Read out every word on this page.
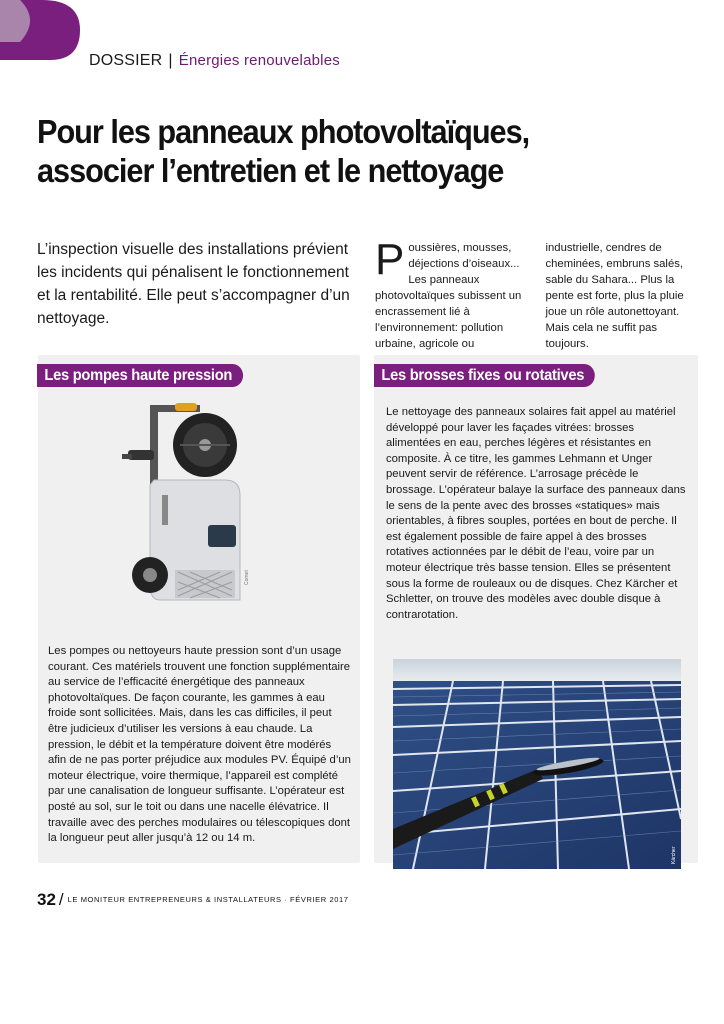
DOSSIER | Énergies renouvelables
Pour les panneaux photovoltaïques,
associer l’entretien et le nettoyage

L’inspection visuelle des installations prévient les incidents qui pénalisent le fonctionnement et la rentabilité. Elle peut s’accompagner d’un nettoyage.

Poussières, mousses, déjections d’oiseaux... Les panneaux photovoltaïques subissent un encrassement lié à l’environnement: pollution urbaine, agricole ou industrielle, cendres de cheminées, embruns salés, sable du Sahara... Plus la pente est forte, plus la pluie joue un rôle autonettoyant. Mais cela ne suffit pas toujours.
Les pompes haute pression
Comet

Les pompes ou nettoyeurs haute pression sont d’un usage courant. Ces matériels trouvent une fonction supplémentaire au service de l’efficacité énergétique des panneaux photovoltaïques. De façon courante, les gammes à eau froide sont sollicitées. Mais, dans les cas difficiles, il peut être judicieux d’utiliser les versions à eau chaude. La pression, le débit et la température doivent être modérés afin de ne pas porter préjudice aux modules PV. Équipé d’un moteur électrique, voire thermique, l’appareil est complété par une canalisation de longueur suffisante. L’opérateur est posté au sol, sur le toit ou dans une nacelle élévatrice. Il travaille avec des perches modulaires ou télescopiques dont la longueur peut aller jusqu’à 12 ou 14 m.

Les brosses fixes ou rotatives

Le nettoyage des panneaux solaires fait appel au matériel développé pour laver les façades vitrées: brosses alimentées en eau, perches légères et résistantes en composite. À ce titre, les gammes Lehmann et Unger peuvent servir de référence. L’arrosage précède le brossage. L’opérateur balaye la surface des panneaux dans le sens de la pente avec des brosses «statiques» mais orientables, à fibres souples, portées en bout de perche. Il est également possible de faire appel à des brosses rotatives actionnées par le débit de l’eau, voire par un moteur électrique très basse tension. Elles se présentent sous la forme de rouleaux ou de disques. Chez Kärcher et Schletter, on trouve des modèles avec double disque à contrarotation.

Kärcher
32 / LE MONITEUR ENTREPRENEURS & INSTALLATEURS · FÉVRIER 2017
